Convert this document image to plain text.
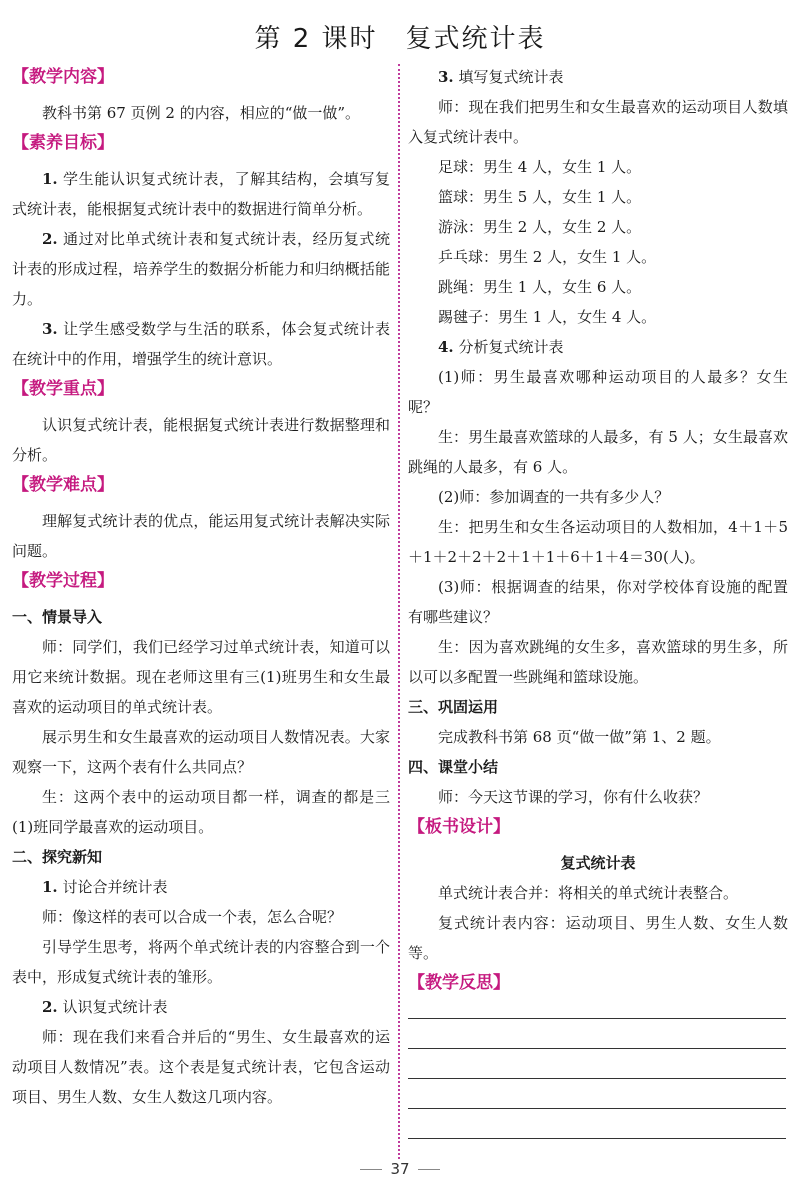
第 2 课时 复式统计表
【教学内容】

教科书第 67 页例 2 的内容，相应的“做一做”。

【素养目标】

1. 学生能认识复式统计表，了解其结构，会填写复式统计表，能根据复式统计表中的数据进行简单分析。

2. 通过对比单式统计表和复式统计表，经历复式统计表的形成过程，培养学生的数据分析能力和归纳概括能力。

3. 让学生感受数学与生活的联系，体会复式统计表在统计中的作用，增强学生的统计意识。

【教学重点】

认识复式统计表，能根据复式统计表进行数据整理和分析。

【教学难点】

理解复式统计表的优点，能运用复式统计表解决实际问题。

【教学过程】
一、情景导入

师：同学们，我们已经学习过单式统计表，知道可以用它来统计数据。现在老师这里有三(1)班男生和女生最喜欢的运动项目的单式统计表。

展示男生和女生最喜欢的运动项目人数情况表。大家观察一下，这两个表有什么共同点？

生：这两个表中的运动项目都一样，调查的都是三(1)班同学最喜欢的运动项目。

二、探究新知

1. 讨论合并统计表

师：像这样的表可以合成一个表，怎么合呢？

引导学生思考，将两个单式统计表的内容整合到一个表中，形成复式统计表的雏形。

2. 认识复式统计表

师：现在我们来看合并后的“男生、女生最喜欢的运动项目人数情况”表。这个表是复式统计表，它包含运动项目、男生人数、女生人数这几项内容。

3. 填写复式统计表

师：现在我们把男生和女生最喜欢的运动项目人数填入复式统计表中。

足球：男生 4 人，女生 1 人。

篮球：男生 5 人，女生 1 人。

游泳：男生 2 人，女生 2 人。

乒乓球：男生 2 人，女生 1 人。

跳绳：男生 1 人，女生 6 人。

踢毽子：男生 1 人，女生 4 人。

4. 分析复式统计表

(1)师：男生最喜欢哪种运动项目的人最多？女生呢？

生：男生最喜欢篮球的人最多，有 5 人；女生最喜欢跳绳的人最多，有 6 人。

(2)师：参加调查的一共有多少人？

生：把男生和女生各运动项目的人数相加，4＋1＋5＋1＋2＋2＋2＋1＋1＋6＋1＋4＝30(人)。

(3)师：根据调查的结果，你对学校体育设施的配置有哪些建议？

生：因为喜欢跳绳的女生多，喜欢篮球的男生多，所以可以多配置一些跳绳和篮球设施。

三、巩固运用

完成教科书第 68 页“做一做”第 1、2 题。

四、课堂小结

师：今天这节课的学习，你有什么收获？

【板书设计】
复式统计表

单式统计表合并：将相关的单式统计表整合。

复式统计表内容：运动项目、男生人数、女生人数等。

【教学反思】
37
